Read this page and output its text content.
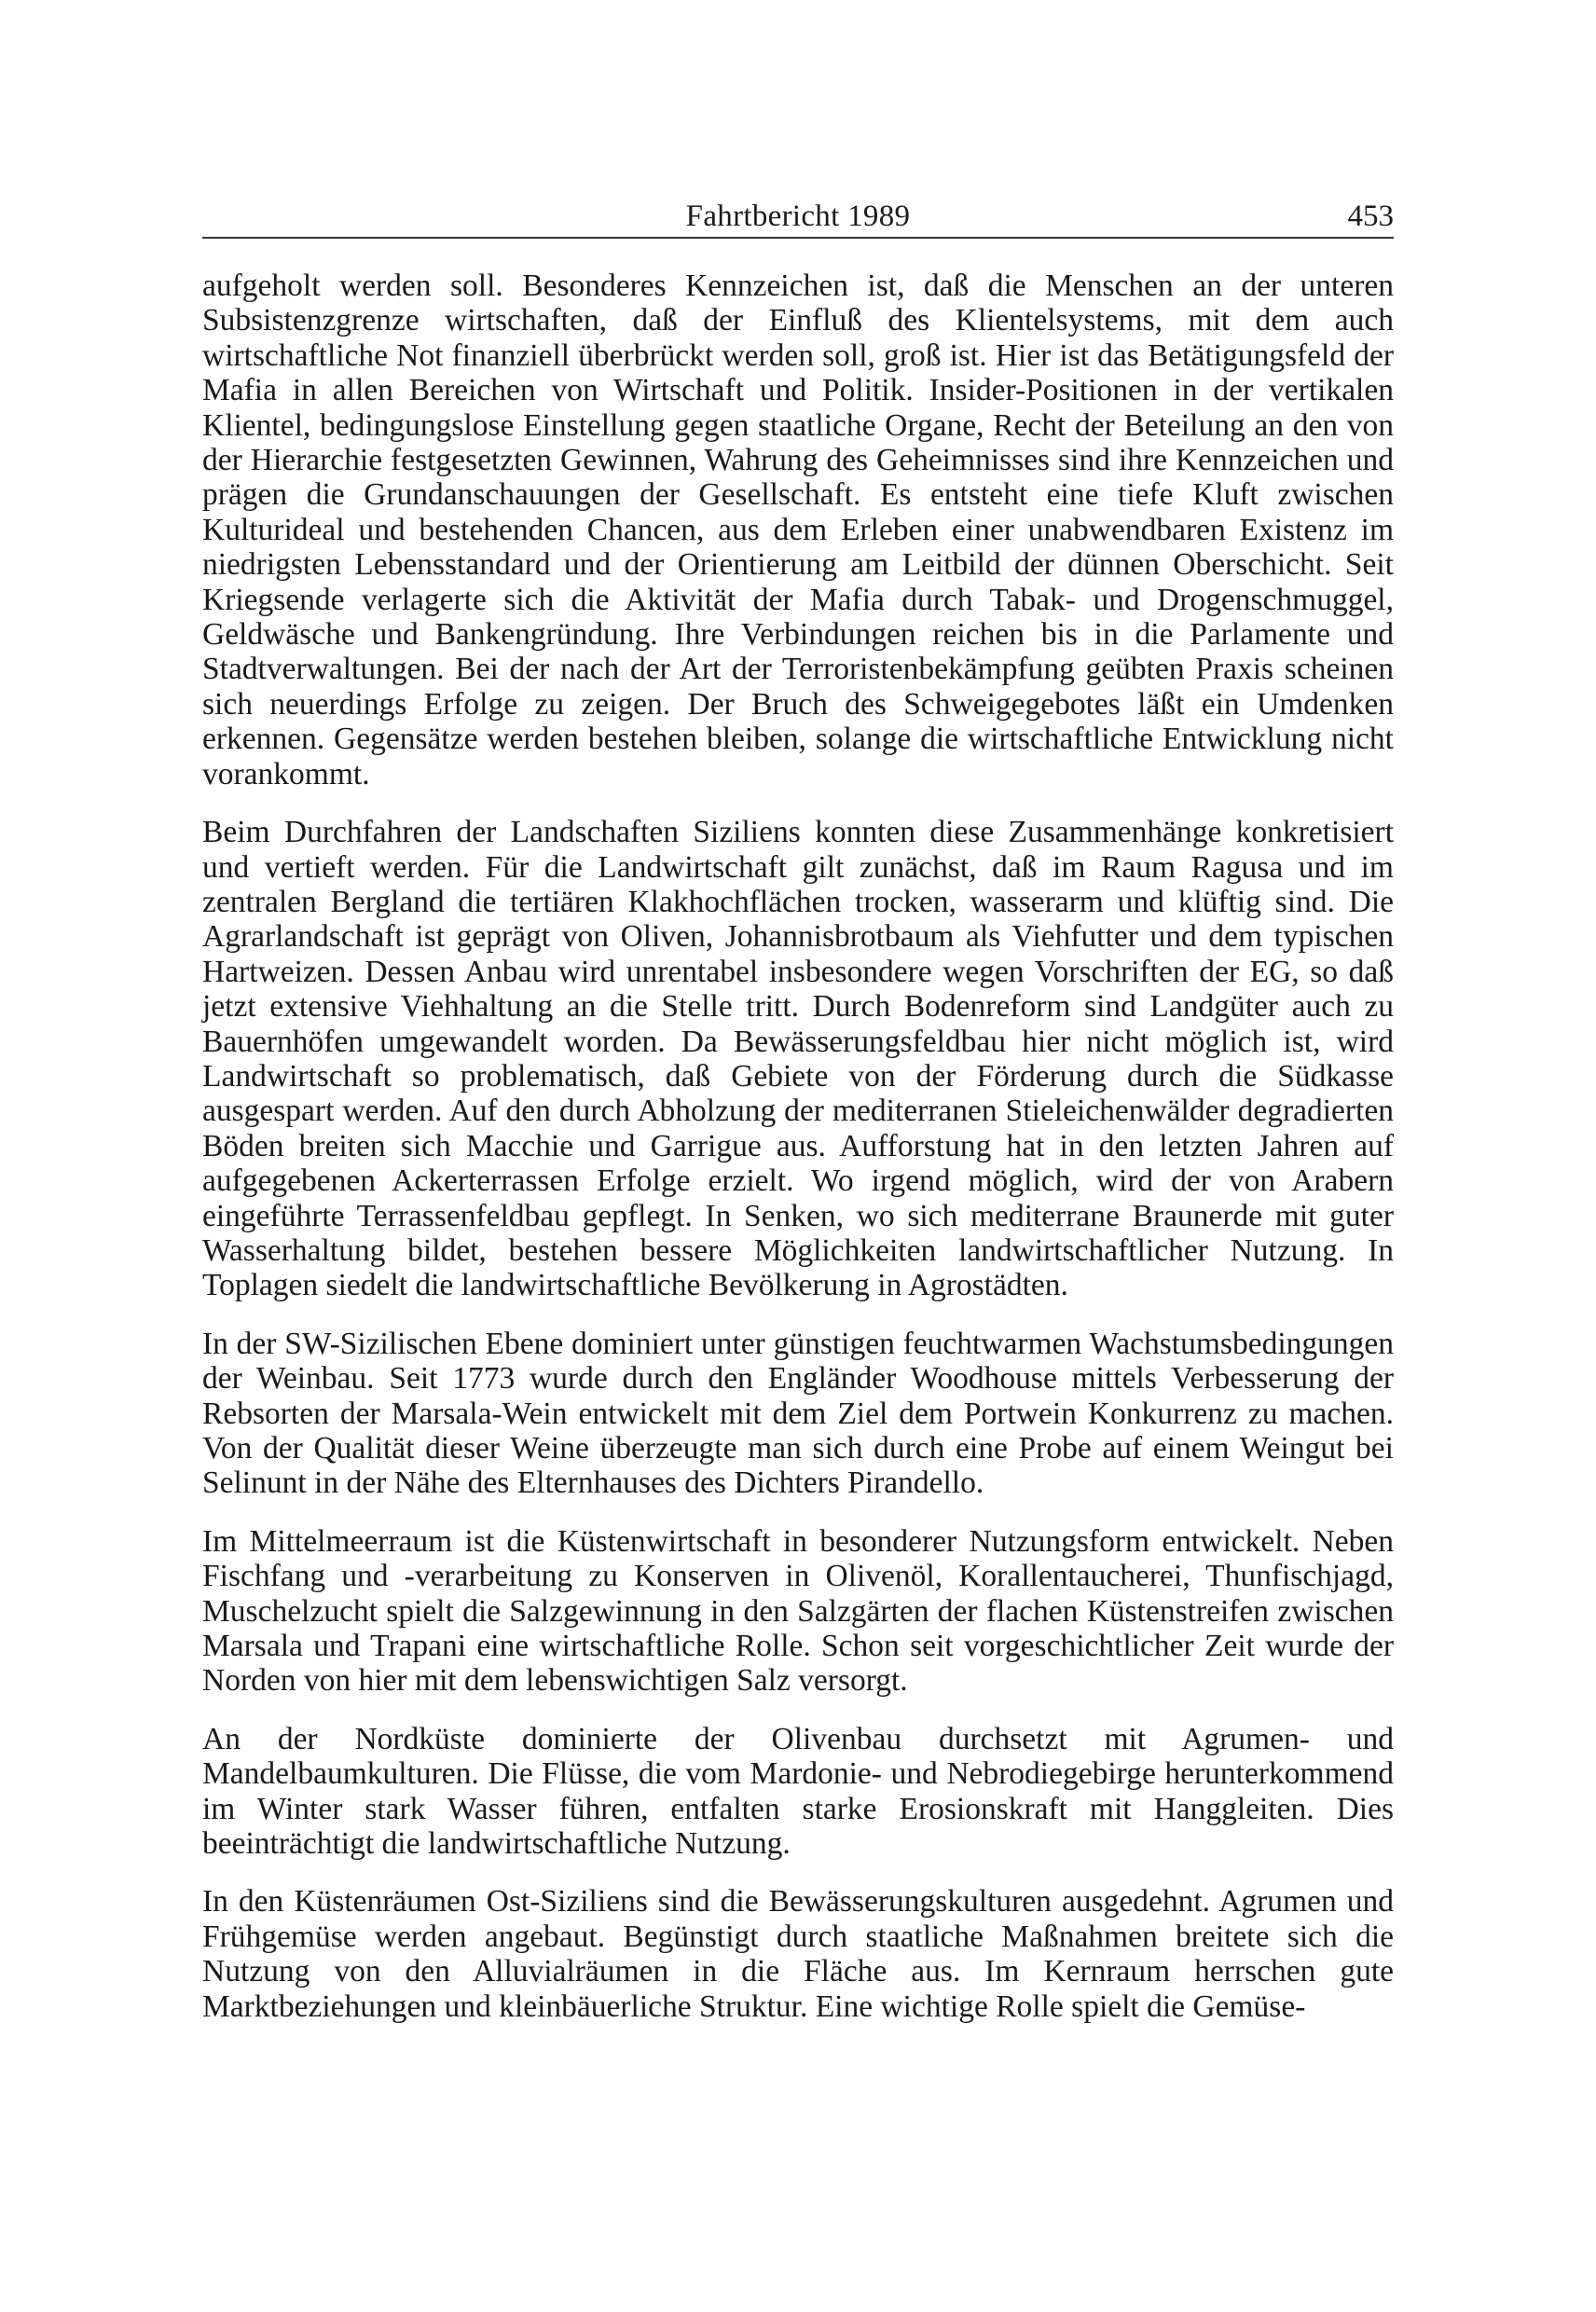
Fahrtbericht 1989	453

aufgeholt werden soll. Besonderes Kennzeichen ist, daß die Menschen an der unteren Subsistenzgrenze wirtschaften, daß der Einfluß des Klientelsystems, mit dem auch wirtschaftliche Not finanziell überbrückt werden soll, groß ist. Hier ist das Betätigungsfeld der Mafia in allen Bereichen von Wirtschaft und Politik. Insider-Positionen in der vertikalen Klientel, bedingungslose Einstellung gegen staatliche Organe, Recht der Beteilung an den von der Hierarchie festgesetzten Gewinnen, Wahrung des Geheimnisses sind ihre Kennzeichen und prägen die Grundanschauungen der Gesellschaft. Es entsteht eine tiefe Kluft zwischen Kulturideal und bestehenden Chancen, aus dem Erleben einer unabwendbaren Existenz im niedrigsten Lebensstandard und der Orientierung am Leitbild der dünnen Oberschicht. Seit Kriegsende verlagerte sich die Aktivität der Mafia durch Tabak- und Drogenschmuggel, Geldwäsche und Bankengründung. Ihre Verbindungen reichen bis in die Parlamente und Stadtverwaltungen. Bei der nach der Art der Terroristenbekämpfung geübten Praxis scheinen sich neuerdings Erfolge zu zeigen. Der Bruch des Schweigegebotes läßt ein Umdenken erkennen. Gegensätze werden bestehen bleiben, solange die wirtschaftliche Entwicklung nicht vorankommt.

Beim Durchfahren der Landschaften Siziliens konnten diese Zusammenhänge konkretisiert und vertieft werden. Für die Landwirtschaft gilt zunächst, daß im Raum Ragusa und im zentralen Bergland die tertiären Klakhochflächen trocken, wasserarm und klüftig sind. Die Agrarlandschaft ist geprägt von Oliven, Johannisbrotbaum als Viehfutter und dem typischen Hartweizen. Dessen Anbau wird unrentabel insbesondere wegen Vorschriften der EG, so daß jetzt extensive Viehhaltung an die Stelle tritt. Durch Bodenreform sind Landgüter auch zu Bauernhöfen umgewandelt worden. Da Bewässerungsfeldbau hier nicht möglich ist, wird Landwirtschaft so problematisch, daß Gebiete von der Förderung durch die Südkasse ausgespart werden. Auf den durch Abholzung der mediterranen Stieleichenwälder degradierten Böden breiten sich Macchie und Garrigue aus. Aufforstung hat in den letzten Jahren auf aufgegebenen Ackerterrassen Erfolge erzielt. Wo irgend möglich, wird der von Arabern eingeführte Terrassenfeldbau gepflegt. In Senken, wo sich mediterrane Braunerde mit guter Wasserhaltung bildet, bestehen bessere Möglichkeiten landwirtschaftlicher Nutzung. In Toplagen siedelt die landwirtschaftliche Bevölkerung in Agrostädten.

In der SW-Sizilischen Ebene dominiert unter günstigen feuchtwarmen Wachstumsbedingungen der Weinbau. Seit 1773 wurde durch den Engländer Woodhouse mittels Verbesserung der Rebsorten der Marsala-Wein entwickelt mit dem Ziel dem Portwein Konkurrenz zu machen. Von der Qualität dieser Weine überzeugte man sich durch eine Probe auf einem Weingut bei Selinunt in der Nähe des Elternhauses des Dichters Pirandello.

Im Mittelmeerraum ist die Küstenwirtschaft in besonderer Nutzungsform entwickelt. Neben Fischfang und -verarbeitung zu Konserven in Olivenöl, Korallentaucherei, Thunfischjagd, Muschelzucht spielt die Salzgewinnung in den Salzgärten der flachen Küstenstreifen zwischen Marsala und Trapani eine wirtschaftliche Rolle. Schon seit vorgeschichtlicher Zeit wurde der Norden von hier mit dem lebenswichtigen Salz versorgt.

An der Nordküste dominierte der Olivenbau durchsetzt mit Agrumen- und Mandelbaumkulturen. Die Flüsse, die vom Mardonie- und Nebrodiegebirge herunterkommend im Winter stark Wasser führen, entfalten starke Erosionskraft mit Hanggleiten. Dies beeinträchtigt die landwirtschaftliche Nutzung.

In den Küstenräumen Ost-Siziliens sind die Bewässerungskulturen ausgedehnt. Agrumen und Frühgemüse werden angebaut. Begünstigt durch staatliche Maßnahmen breitete sich die Nutzung von den Alluvialräumen in die Fläche aus. Im Kernraum herrschen gute Marktbeziehungen und kleinbäuerliche Struktur. Eine wichtige Rolle spielt die Gemüse-
